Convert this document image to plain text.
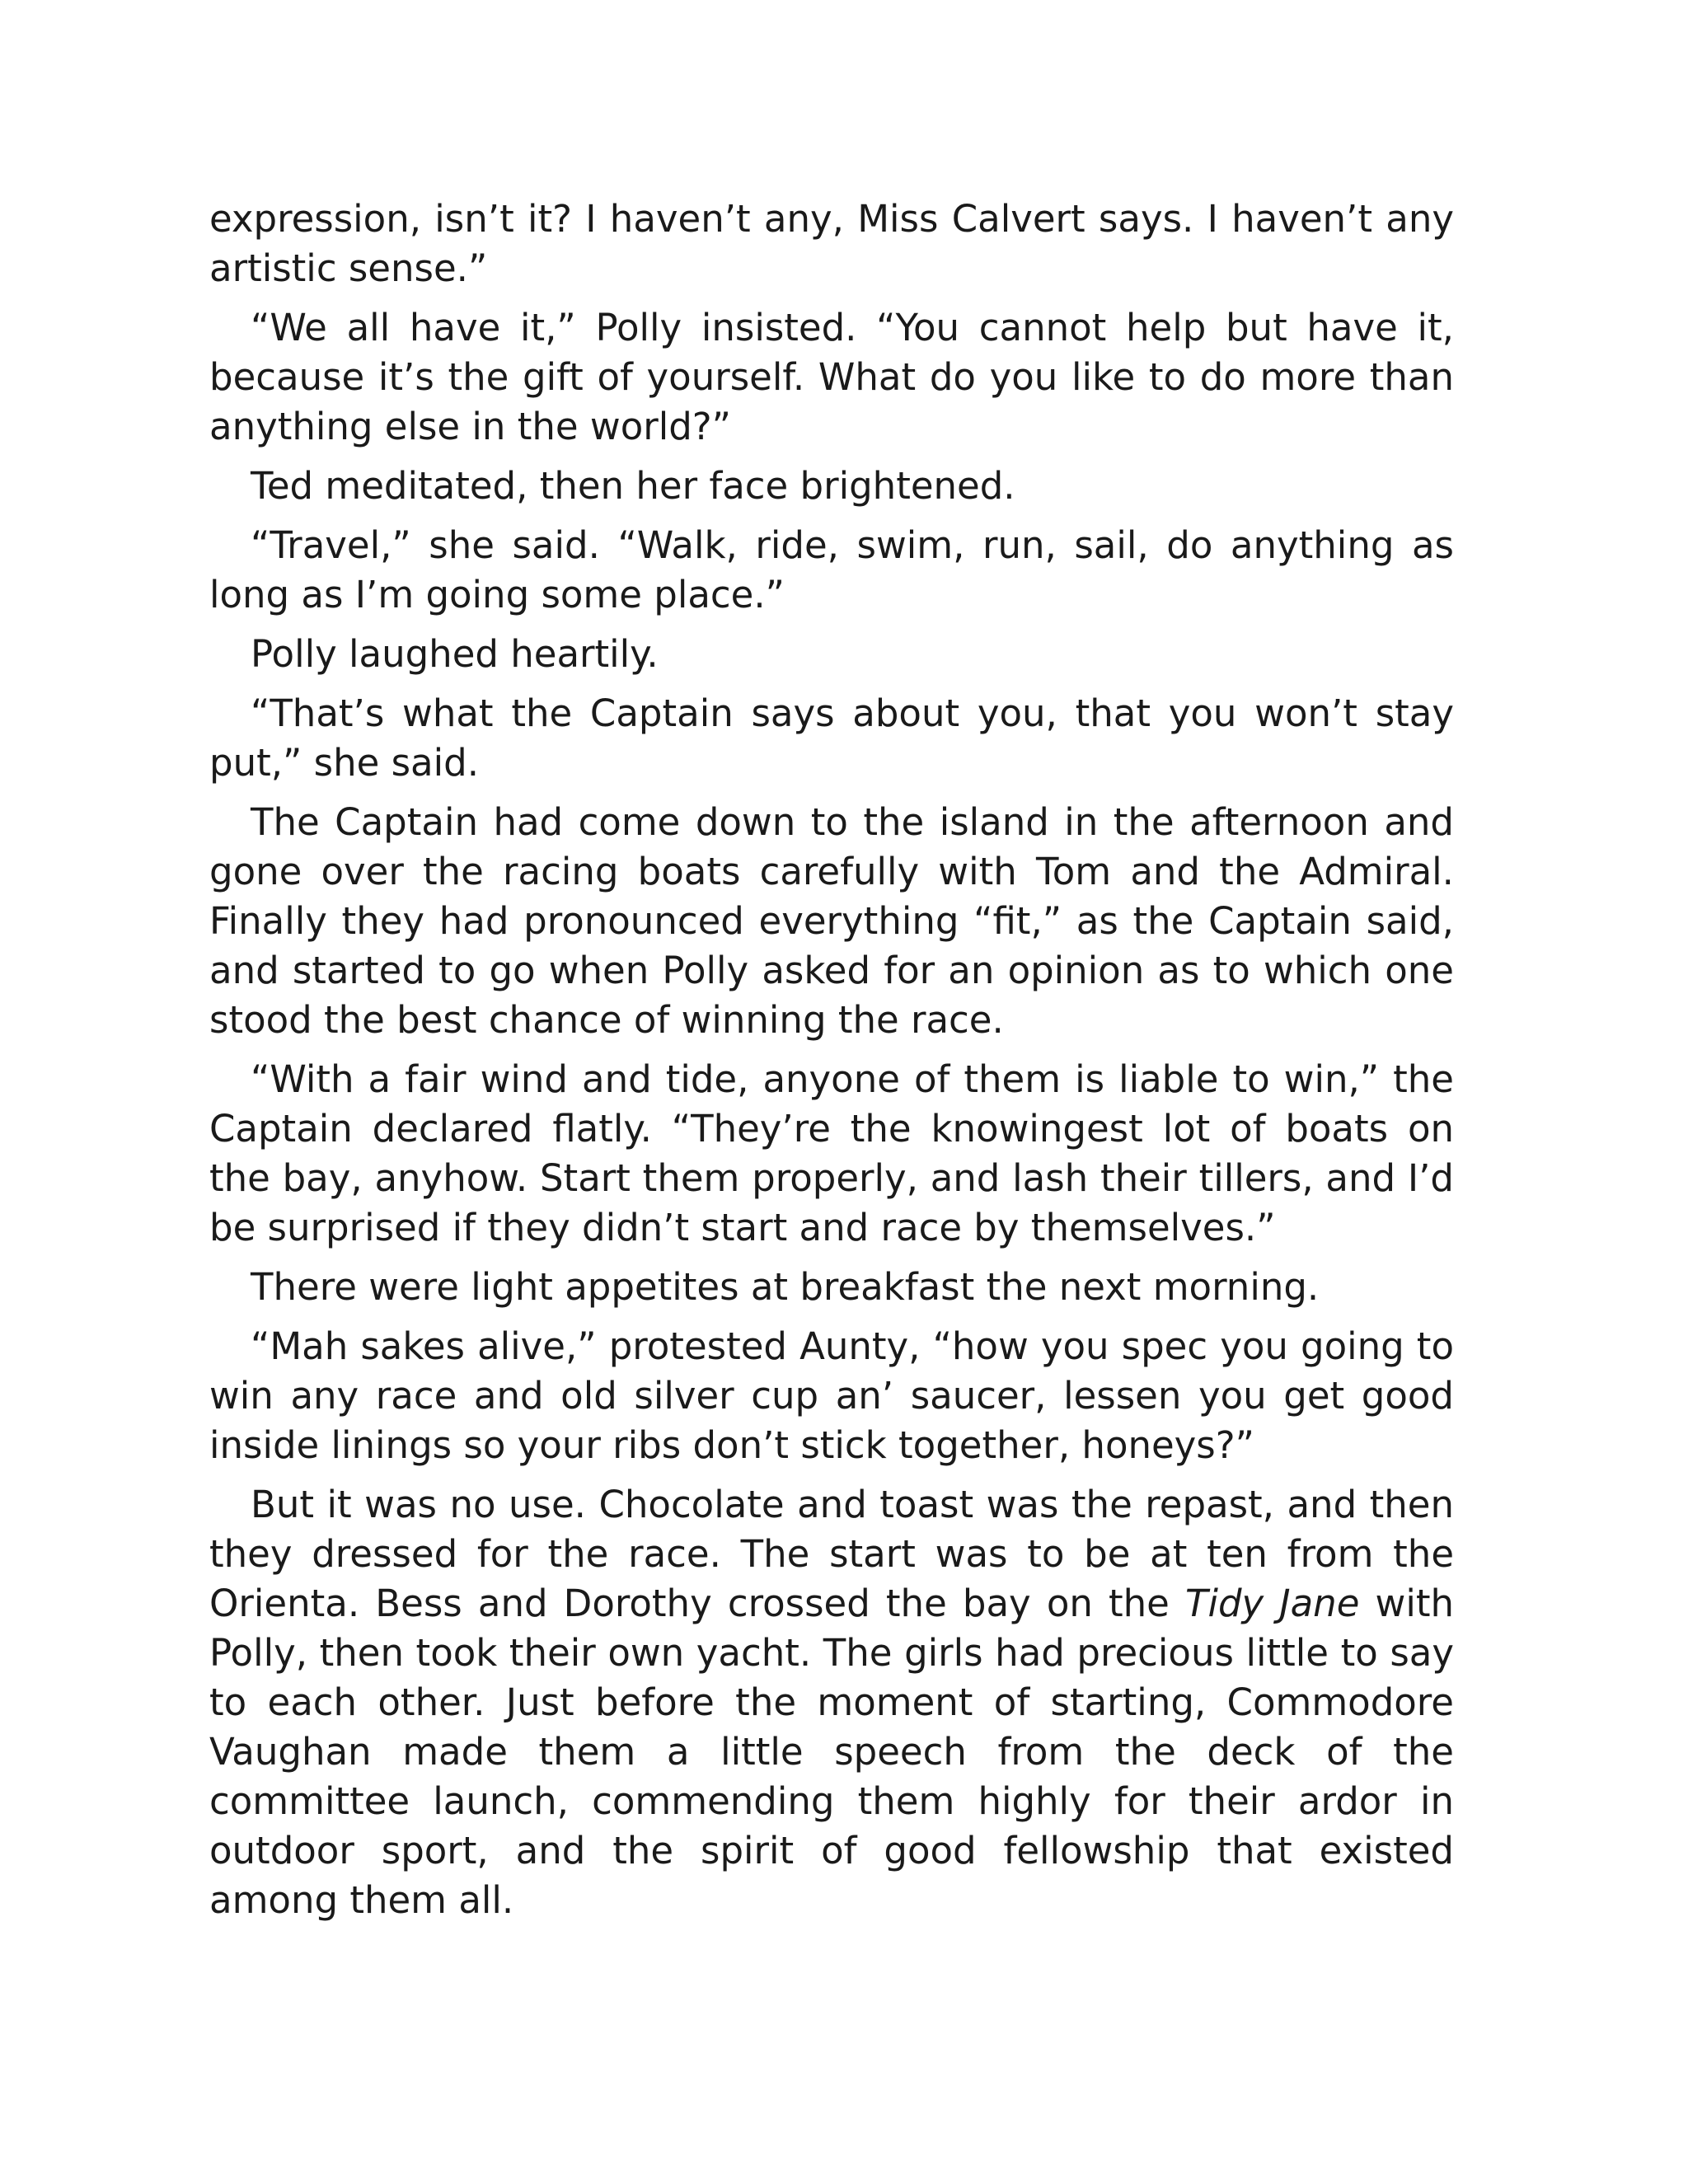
expression, isn’t it? I haven’t any, Miss Calvert says. I haven’t any artistic sense.”

“We all have it,” Polly insisted. “You cannot help but have it, because it’s the gift of yourself. What do you like to do more than anything else in the world?”

Ted meditated, then her face brightened.

“Travel,” she said. “Walk, ride, swim, run, sail, do anything as long as I’m going some place.”

Polly laughed heartily.

“That’s what the Captain says about you, that you won’t stay put,” she said.

The Captain had come down to the island in the afternoon and gone over the racing boats carefully with Tom and the Admiral. Finally they had pronounced everything “fit,” as the Captain said, and started to go when Polly asked for an opinion as to which one stood the best chance of winning the race.

“With a fair wind and tide, anyone of them is liable to win,” the Captain declared flatly. “They’re the knowingest lot of boats on the bay, anyhow. Start them properly, and lash their tillers, and I’d be surprised if they didn’t start and race by themselves.”

There were light appetites at breakfast the next morning.

“Mah sakes alive,” protested Aunty, “how you spec you going to win any race and old silver cup an’ saucer, lessen you get good inside linings so your ribs don’t stick together, honeys?”

But it was no use. Chocolate and toast was the repast, and then they dressed for the race. The start was to be at ten from the Orienta. Bess and Dorothy crossed the bay on the Tidy Jane with Polly, then took their own yacht. The girls had precious little to say to each other. Just before the moment of starting, Commodore Vaughan made them a little speech from the deck of the committee launch, commending them highly for their ardor in outdoor sport, and the spirit of good fellowship that existed among them all.
